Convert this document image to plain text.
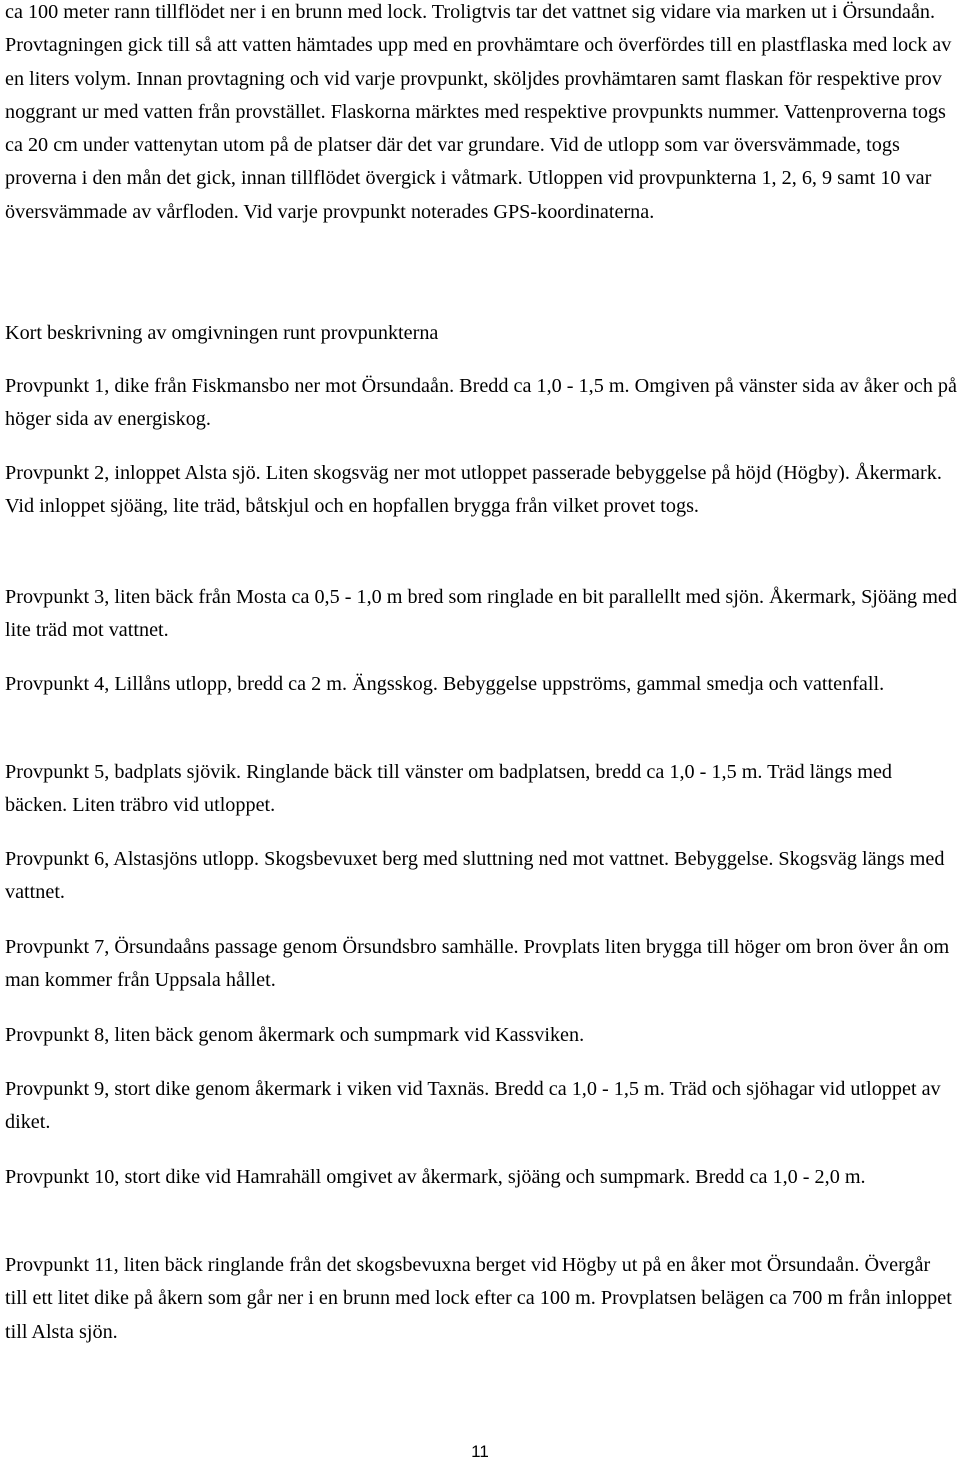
ca 100 meter rann tillflödet ner i en brunn med lock. Troligtvis tar det vattnet sig vidare via marken ut i Örsundaån. Provtagningen gick till så att vatten hämtades upp med en provhämtare och överfördes till en plastflaska med lock av en liters volym. Innan provtagning och vid varje provpunkt, sköljdes provhämtaren samt flaskan för respektive prov noggrant ur med vatten från provstället. Flaskorna märktes med respektive provpunkts nummer. Vattenproverna togs ca 20 cm under vattenytan utom på de platser där det var grundare. Vid de utlopp som var översvämmade, togs proverna i den mån det gick, innan tillflödet övergick i våtmark. Utloppen vid provpunkterna 1, 2, 6, 9 samt 10 var översvämmade av vårfloden. Vid varje provpunkt noterades GPS-koordinaterna.

Kort beskrivning av omgivningen runt provpunkterna

Provpunkt 1, dike från Fiskmansbo ner mot Örsundaån. Bredd ca 1,0 - 1,5 m. Omgiven på vänster sida av åker och på höger sida av energiskog.

Provpunkt 2, inloppet Alsta sjö. Liten skogsväg ner mot utloppet passerade bebyggelse på höjd (Högby). Åkermark. Vid inloppet sjöäng, lite träd, båtskjul och en hopfallen brygga från vilket provet togs.

Provpunkt 3, liten bäck från Mosta ca 0,5 - 1,0 m bred som ringlade en bit parallellt med sjön. Åkermark, Sjöäng med lite träd mot vattnet.

Provpunkt 4, Lillåns utlopp, bredd ca 2 m. Ängsskog. Bebyggelse uppströms, gammal smedja och vattenfall.

Provpunkt 5, badplats sjövik. Ringlande bäck till vänster om badplatsen, bredd ca 1,0 - 1,5 m. Träd längs med bäcken. Liten träbro vid utloppet.

Provpunkt 6, Alstasjöns utlopp. Skogsbevuxet berg med sluttning ned mot vattnet. Bebyggelse. Skogsväg längs med vattnet.

Provpunkt 7, Örsundaåns passage genom Örsundsbro samhälle. Provplats liten brygga till höger om bron över ån om man kommer från Uppsala hållet.

Provpunkt 8, liten bäck genom åkermark och sumpmark vid Kassviken.

Provpunkt 9, stort dike genom åkermark i viken vid Taxnäs. Bredd ca 1,0 - 1,5 m. Träd och sjöhagar vid utloppet av diket.

Provpunkt 10, stort dike vid Hamrahäll omgivet av åkermark, sjöäng och sumpmark. Bredd ca 1,0 - 2,0 m.

Provpunkt 11, liten bäck ringlande från det skogsbevuxna berget vid Högby ut på en åker mot Örsundaån. Övergår till ett litet dike på åkern som går ner i en brunn med lock efter ca 100 m. Provplatsen belägen ca 700 m från inloppet till Alsta sjön.

11
